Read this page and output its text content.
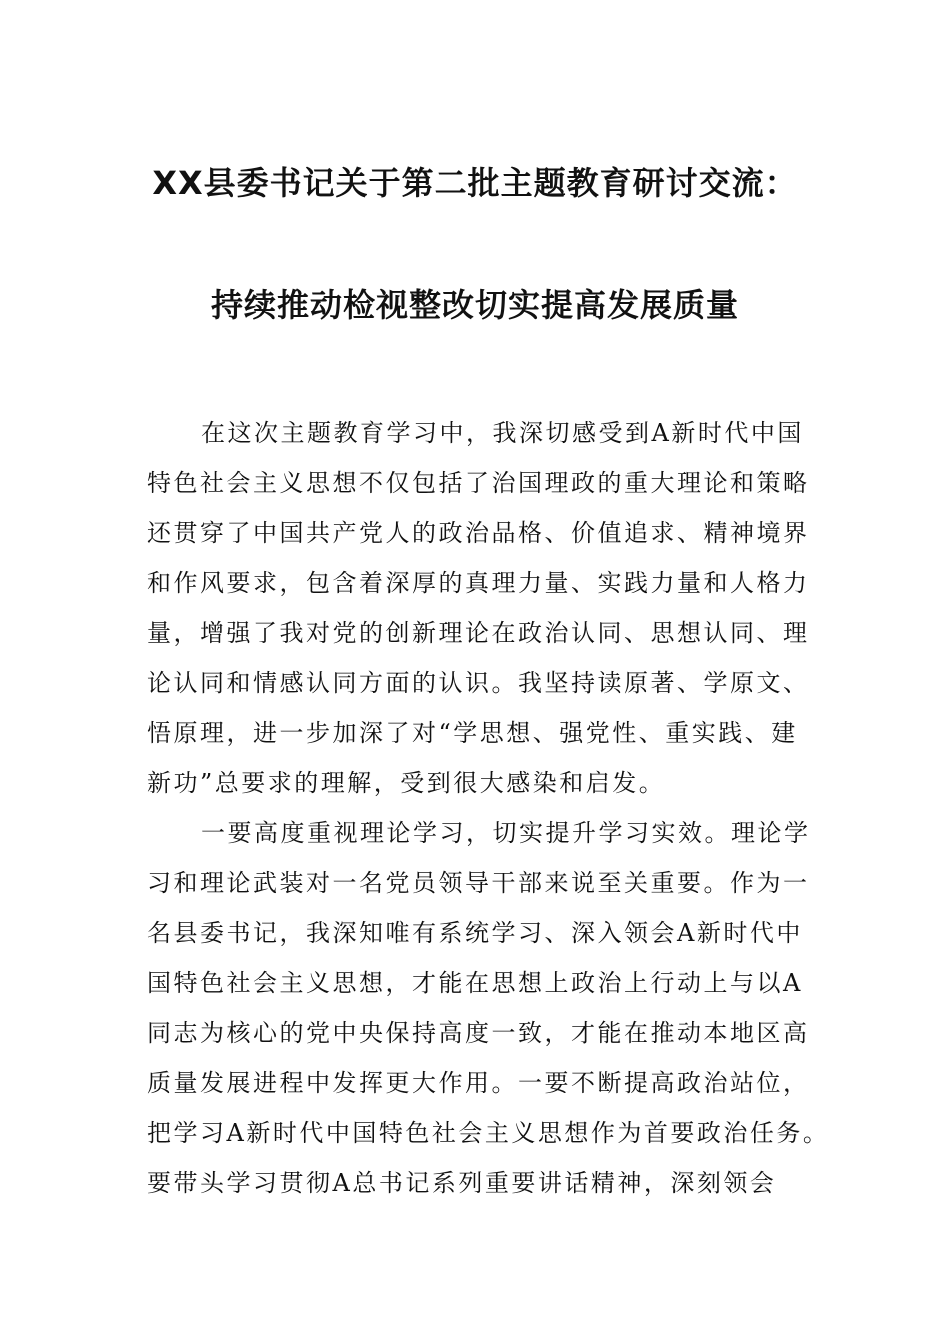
XX县委书记关于第二批主题教育研讨交流：
持续推动检视整改切实提高发展质量
在这次主题教育学习中，我深切感受到A新时代中国
特色社会主义思想不仅包括了治国理政的重大理论和策略
还贯穿了中国共产党人的政治品格、价值追求、精神境界
和作风要求，包含着深厚的真理力量、实践力量和人格力
量，增强了我对党的创新理论在政治认同、思想认同、理
论认同和情感认同方面的认识。我坚持读原著、学原文、
悟原理，进一步加深了对“学思想、强党性、重实践、建
新功”总要求的理解，受到很大感染和启发。
一要高度重视理论学习，切实提升学习实效。理论学
习和理论武装对一名党员领导干部来说至关重要。作为一
名县委书记，我深知唯有系统学习、深入领会A新时代中
国特色社会主义思想，才能在思想上政治上行动上与以A
同志为核心的党中央保持高度一致，才能在推动本地区高
质量发展进程中发挥更大作用。一要不断提高政治站位，
把学习A新时代中国特色社会主义思想作为首要政治任务。
要带头学习贯彻A总书记系列重要讲话精神，深刻领会
